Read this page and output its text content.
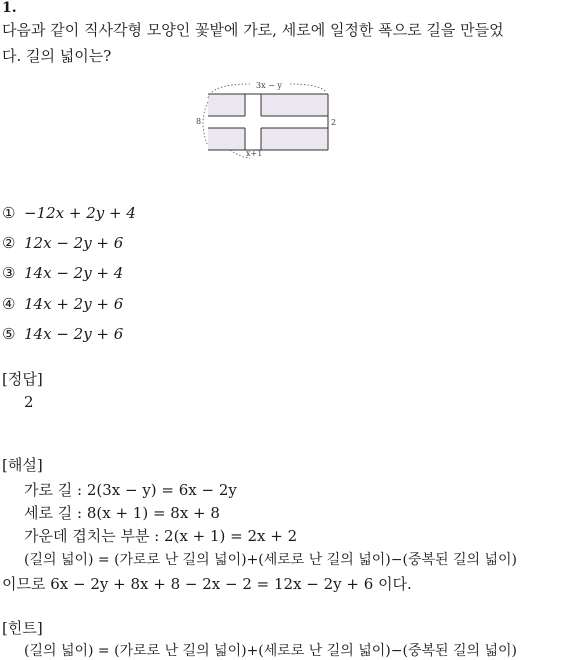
1.
다음과 같이 직사각형 모양인 꽃밭에 가로, 세로에 일정한 폭으로 길을 만들었
다. 길의 넓이는?
3x − y
8	2
x+1
① −12x + 2y + 4
② 12x − 2y + 6
③ 14x − 2y + 4
④ 14x + 2y + 6
⑤ 14x − 2y + 6
[정답]
2
[해설]
가로 길 : 2(3x − y) = 6x − 2y
세로 길 : 8(x + 1) = 8x + 8
가운데 겹치는 부분 : 2(x + 1) = 2x + 2
(길의 넓이) = (가로로 난 길의 넓이)+(세로로 난 길의 넓이)−(중복된 길의 넓이)
이므로 6x − 2y + 8x + 8 − 2x − 2 = 12x − 2y + 6 이다.
[힌트]
(길의 넓이) = (가로로 난 길의 넓이)+(세로로 난 길의 넓이)−(중복된 길의 넓이)
